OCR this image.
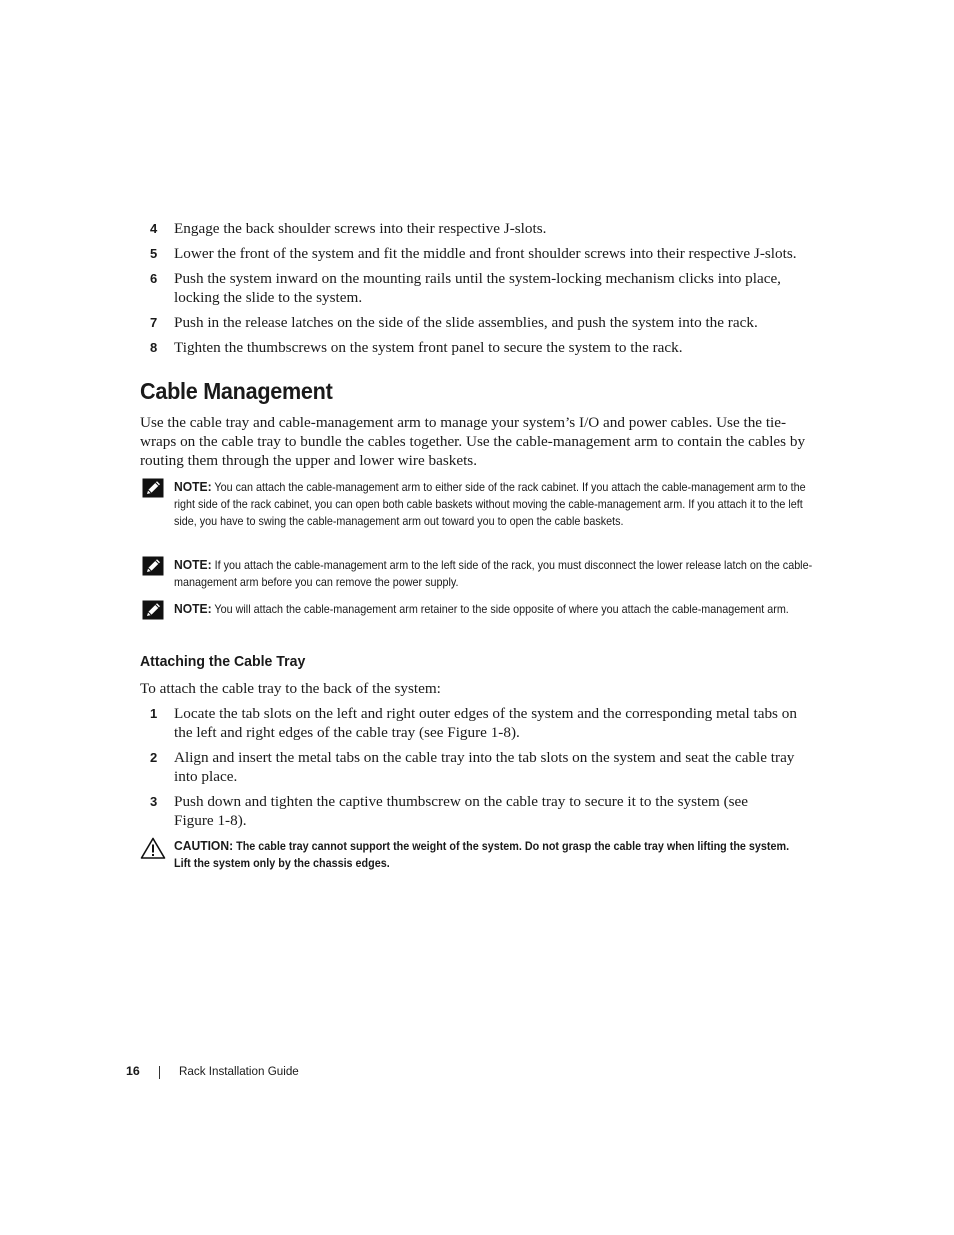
4 Engage the back shoulder screws into their respective J-slots.
5 Lower the front of the system and fit the middle and front shoulder screws into their respective J-slots.
6 Push the system inward on the mounting rails until the system-locking mechanism clicks into place, locking the slide to the system.
7 Push in the release latches on the side of the slide assemblies, and push the system into the rack.
8 Tighten the thumbscrews on the system front panel to secure the system to the rack.
Cable Management

Use the cable tray and cable-management arm to manage your system’s I/O and power cables. Use the tie-wraps on the cable tray to bundle the cables together. Use the cable-management arm to contain the cables by routing them through the upper and lower wire baskets.

NOTE: You can attach the cable-management arm to either side of the rack cabinet. If you attach the cable-management arm to the right side of the rack cabinet, you can open both cable baskets without moving the cable-management arm. If you attach it to the left side, you have to swing the cable-management arm out toward you to open the cable baskets.
NOTE: If you attach the cable-management arm to the left side of the rack, you must disconnect the lower release latch on the cable-management arm before you can remove the power supply.
NOTE: You will attach the cable-management arm retainer to the side opposite of where you attach the cable-management arm.
Attaching the Cable Tray

To attach the cable tray to the back of the system:

1 Locate the tab slots on the left and right outer edges of the system and the corresponding metal tabs on the left and right edges of the cable tray (see Figure 1-8).
2 Align and insert the metal tabs on the cable tray into the tab slots on the system and seat the cable tray into place.
3 Push down and tighten the captive thumbscrew on the cable tray to secure it to the system (see Figure 1-8).
CAUTION: The cable tray cannot support the weight of the system. Do not grasp the cable tray when lifting the system. Lift the system only by the chassis edges.
16	Rack Installation Guide
